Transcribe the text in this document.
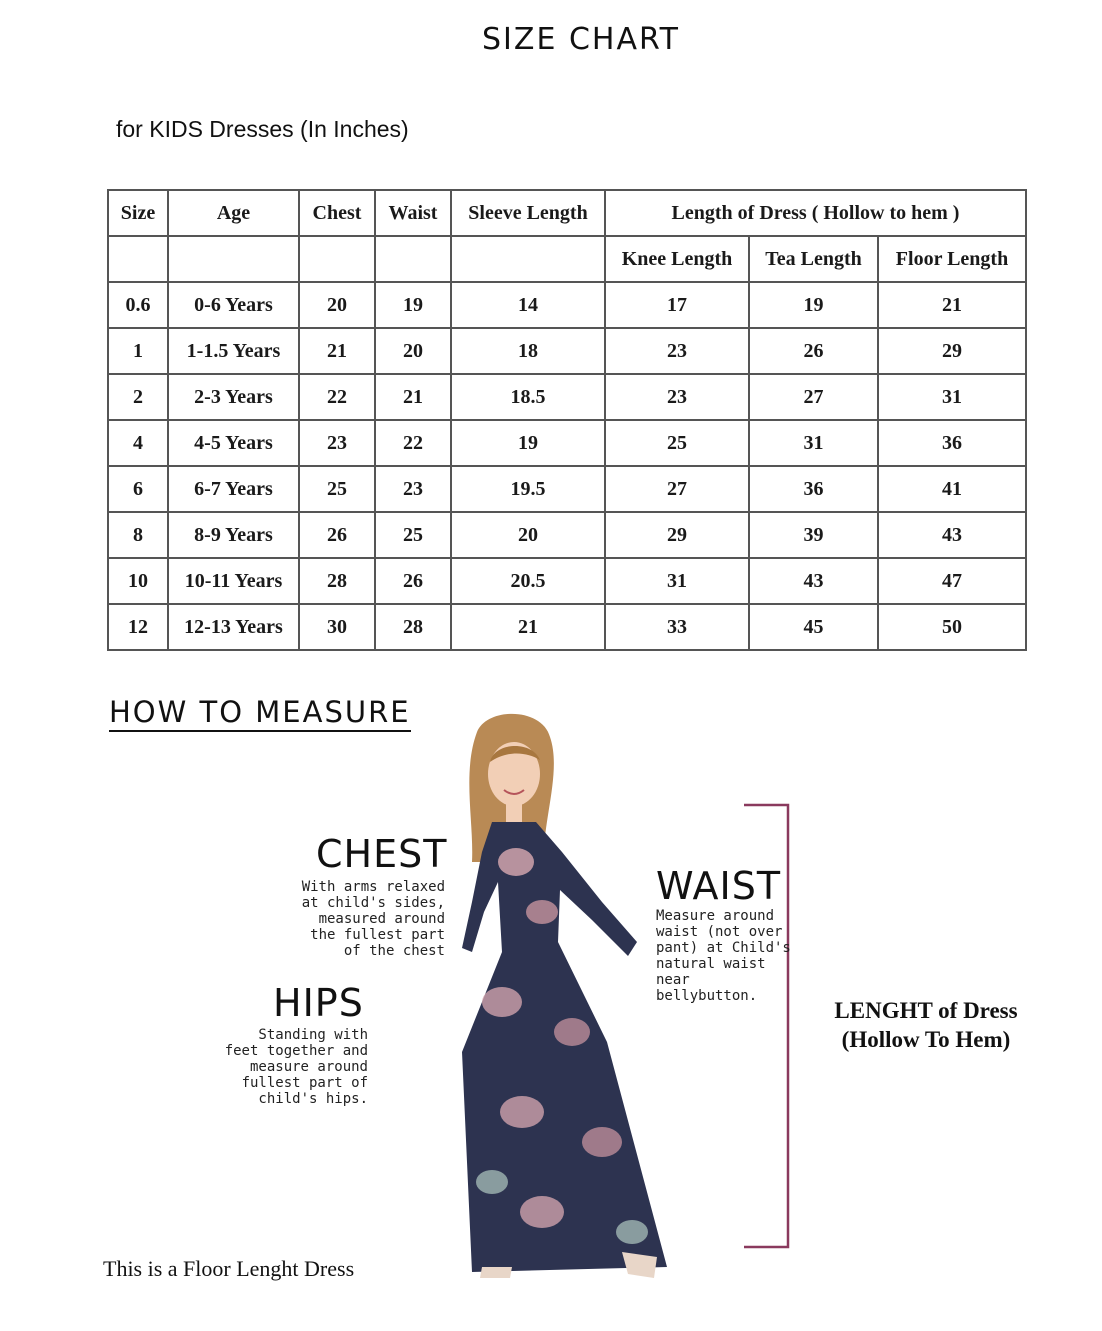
SIZE CHART
for KIDS Dresses (In Inches)
Size	Age	Chest	Waist	Sleeve Length	Length of Dress ( Hollow to hem )		
					Knee Length	Tea Length	Floor Length
0.6	0-6 Years	20	19	14	17	19	21
1	1-1.5 Years	21	20	18	23	26	29
2	2-3 Years	22	21	18.5	23	27	31
4	4-5 Years	23	22	19	25	31	36
6	6-7 Years	25	23	19.5	27	36	41
8	8-9 Years	26	25	20	29	39	43
10	10-11 Years	28	26	20.5	31	43	47
12	12-13 Years	30	28	21	33	45	50
HOW TO MEASURE
CHEST
With arms relaxed
at child's sides,
measured around
the fullest part
of the chest
HIPS
Standing with
feet together and
measure around
fullest part of
child's hips.
WAIST
Measure around
waist (not over
pant) at Child's
natural waist
near bellybutton.
LENGHT of Dress
(Hollow To Hem)
This is a Floor Lenght Dress
